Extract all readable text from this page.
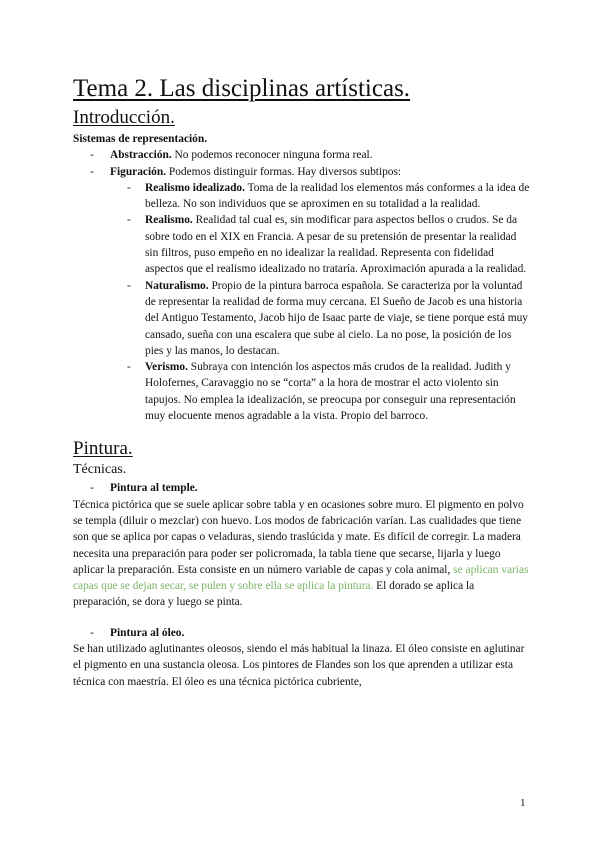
Tema 2. Las disciplinas artísticas.
Introducción.

Sistemas de representación.

- Abstracción. No podemos reconocer ninguna forma real.

- Figuración. Podemos distinguir formas. Hay diversos subtipos:

- Realismo idealizado. Toma de la realidad los elementos más conformes a la idea de belleza. No son individuos que se aproximen en su totalidad a la realidad.

- Realismo. Realidad tal cual es, sin modificar para aspectos bellos o crudos. Se da sobre todo en el XIX en Francia. A pesar de su pretensión de presentar la realidad sin filtros, puso empeño en no idealizar la realidad. Representa con fidelidad aspectos que el realismo idealizado no trataría. Aproximación apurada a la realidad.

- Naturalismo. Propio de la pintura barroca española. Se caracteriza por la voluntad de representar la realidad de forma muy cercana. El Sueño de Jacob es una historia del Antiguo Testamento, Jacob hijo de Isaac parte de viaje, se tiene porque está muy cansado, sueña con una escalera que sube al cielo. La no pose, la posición de los pies y las manos, lo destacan.

- Verismo. Subraya con intención los aspectos más crudos de la realidad. Judith y Holofernes, Caravaggio no se “corta” a la hora de mostrar el acto violento sin tapujos. No emplea la idealización, se preocupa por conseguir una representación muy elocuente menos agradable a la vista. Propio del barroco.

Pintura.
Técnicas.

- Pintura al temple.

Técnica pictórica que se suele aplicar sobre tabla y en ocasiones sobre muro. El pigmento en polvo se templa (diluir o mezclar) con huevo. Los modos de fabricación varían. Las cualidades que tiene son que se aplica por capas o veladuras, siendo traslúcida y mate. Es difícil de corregir. La madera necesita una preparación para poder ser policromada, la tabla tiene que secarse, lijarla y luego aplicar la preparación. Esta consiste en un número variable de capas y cola animal, se aplican varias capas que se dejan secar, se pulen y sobre ella se aplica la pintura. El dorado se aplica la preparación, se dora y luego se pinta.

- Pintura al óleo.

Se han utilizado aglutinantes oleosos, siendo el más habitual la linaza. El óleo consiste en aglutinar el pigmento en una sustancia oleosa. Los pintores de Flandes son los que aprenden a utilizar esta técnica con maestría. El óleo es una técnica pictórica cubriente,

1
